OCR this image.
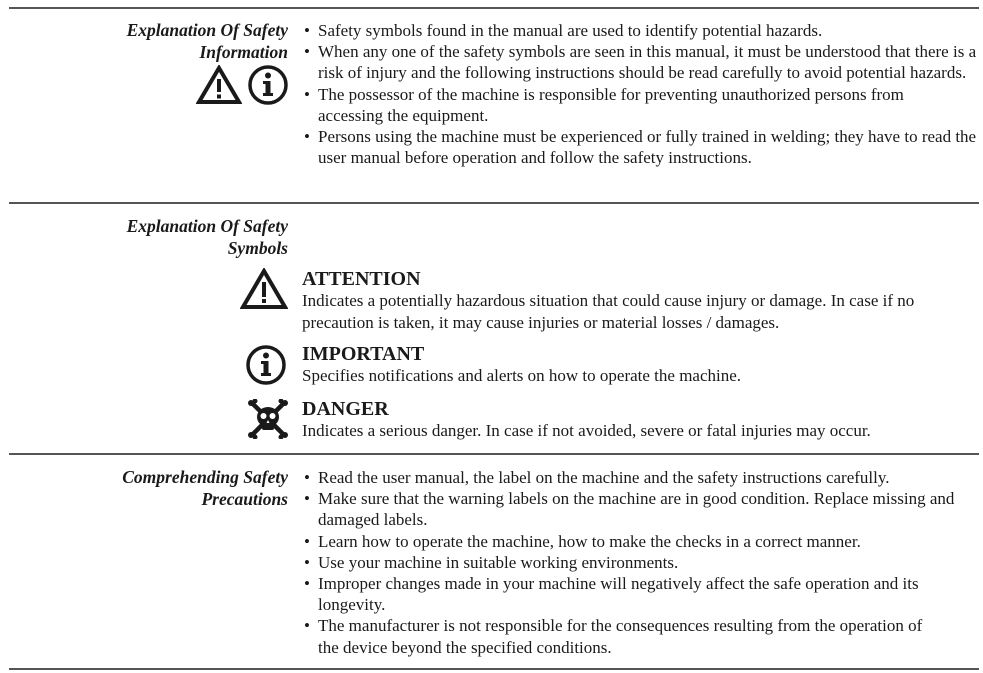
Explanation Of Safety
Information
• Safety symbols found in the manual are used to identify potential hazards.
• When any one of the safety symbols are seen in this manual, it must be understood that there is a risk of injury and the following instructions should be read carefully to avoid potential hazards.
• The possessor of the machine is responsible for preventing unauthorized persons from accessing the equipment.
• Persons using the machine must be experienced or fully trained in welding; they have to read the user manual before operation and follow the safety instructions.
Explanation Of Safety
Symbols
ATTENTION
Indicates a potentially hazardous situation that could cause injury or damage. In case if no precaution is taken, it may cause injuries or material losses / damages.
IMPORTANT
Specifies notifications and alerts on how to operate the machine.
DANGER
Indicates a serious danger. In case if not avoided, severe or fatal injuries may occur.
Comprehending Safety
Precautions
• Read the user manual, the label on the machine and the safety instructions carefully.
• Make sure that the warning labels on the machine are in good condition. Replace missing and damaged labels.
• Learn how to operate the machine, how to make the checks in a correct manner.
• Use your machine in suitable working environments.
• Improper changes made in your machine will negatively affect the safe operation and its longevity.
• The manufacturer is not responsible for the consequences resulting from the operation of the device beyond the specified conditions.
